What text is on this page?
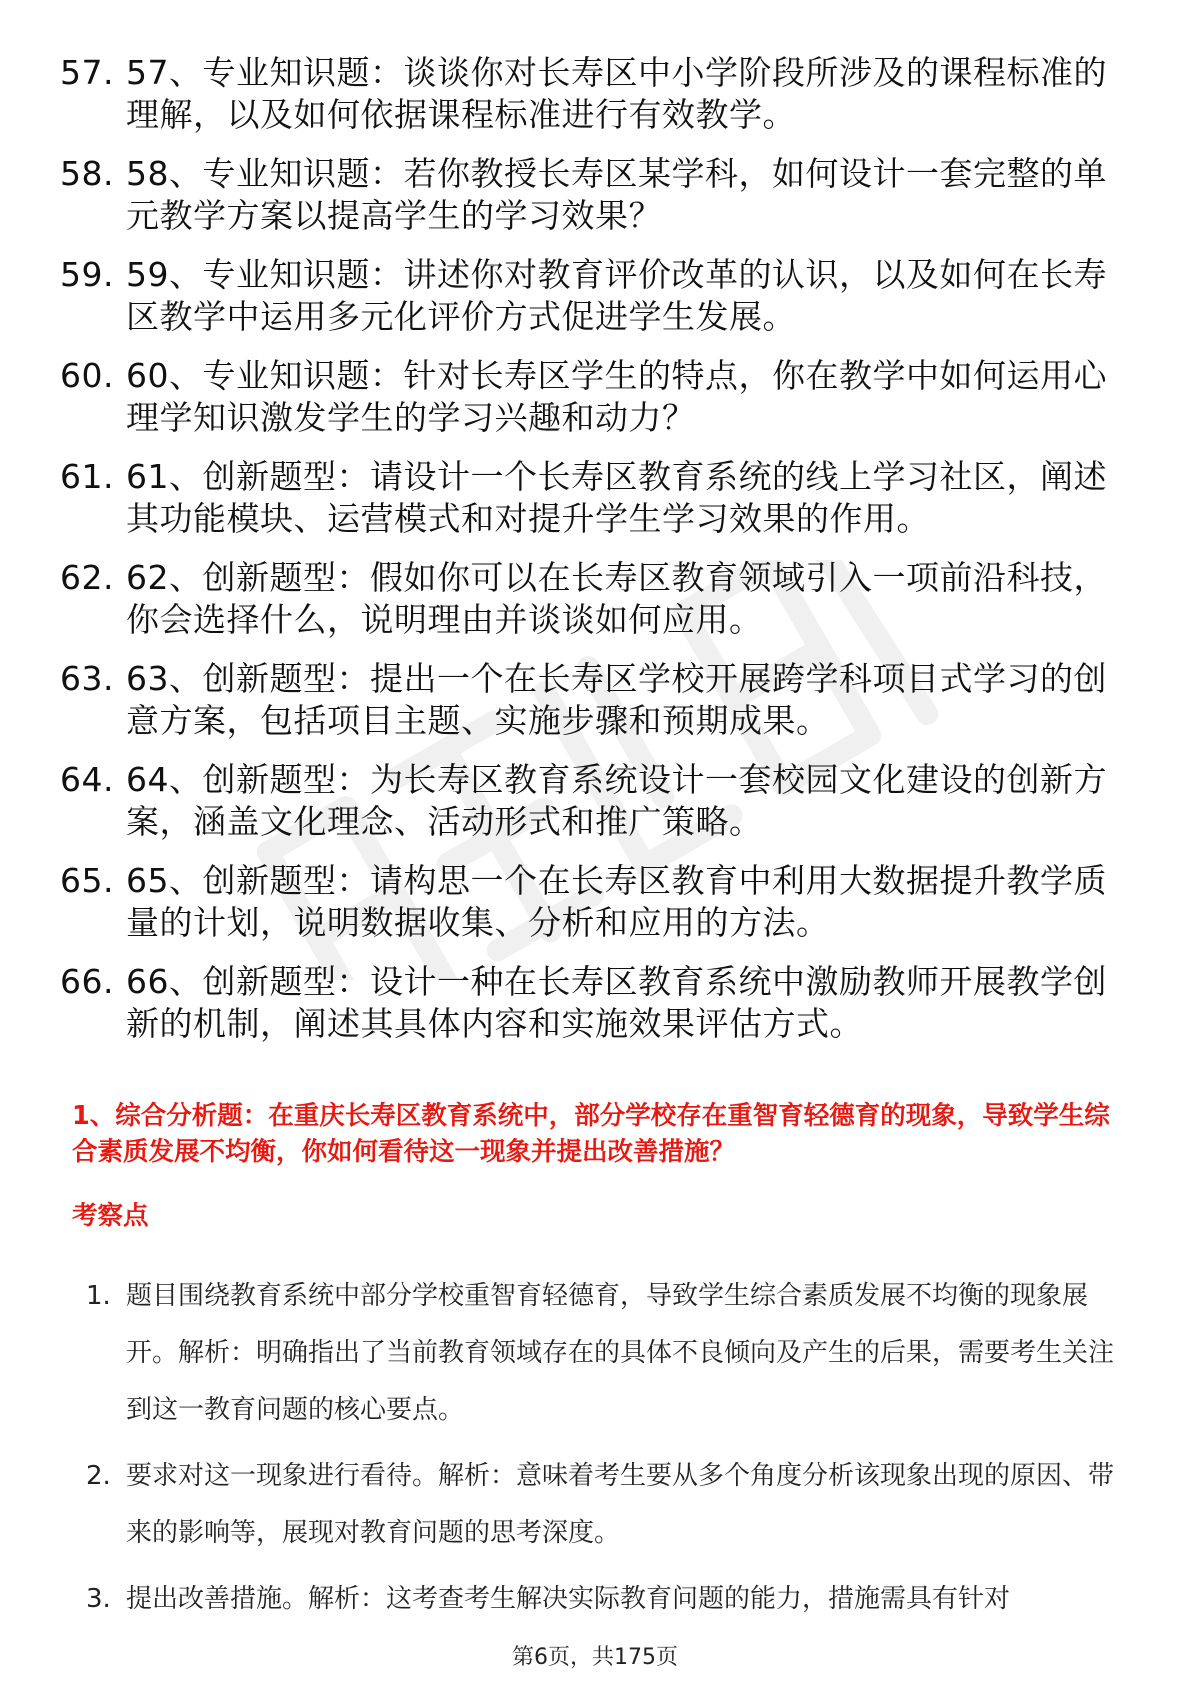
57. 57、专业知识题：谈谈你对长寿区中小学阶段所涉及的课程标准的理解，以及如何依据课程标准进行有效教学。
58. 58、专业知识题：若你教授长寿区某学科，如何设计一套完整的单元教学方案以提高学生的学习效果？
59. 59、专业知识题：讲述你对教育评价改革的认识，以及如何在长寿区教学中运用多元化评价方式促进学生发展。
60. 60、专业知识题：针对长寿区学生的特点，你在教学中如何运用心理学知识激发学生的学习兴趣和动力？
61. 61、创新题型：请设计一个长寿区教育系统的线上学习社区，阐述其功能模块、运营模式和对提升学生学习效果的作用。
62. 62、创新题型：假如你可以在长寿区教育领域引入一项前沿科技，你会选择什么，说明理由并谈谈如何应用。
63. 63、创新题型：提出一个在长寿区学校开展跨学科项目式学习的创意方案，包括项目主题、实施步骤和预期成果。
64. 64、创新题型：为长寿区教育系统设计一套校园文化建设的创新方案，涵盖文化理念、活动形式和推广策略。
65. 65、创新题型：请构思一个在长寿区教育中利用大数据提升教学质量的计划，说明数据收集、分析和应用的方法。
66. 66、创新题型：设计一种在长寿区教育系统中激励教师开展教学创新的机制，阐述其具体内容和实施效果评估方式。

1、综合分析题：在重庆长寿区教育系统中，部分学校存在重智育轻德育的现象，导致学生综合素质发展不均衡，你如何看待这一现象并提出改善措施？

考察点
1. 题目围绕教育系统中部分学校重智育轻德育，导致学生综合素质发展不均衡的现象展开。解析：明确指出了当前教育领域存在的具体不良倾向及产生的后果，需要考生关注到这一教育问题的核心要点。
2. 要求对这一现象进行看待。解析：意味着考生要从多个角度分析该现象出现的原因、带来的影响等，展现对教育问题的思考深度。
3. 提出改善措施。解析：这考查考生解决实际教育问题的能力，措施需具有针对
第6页，共175页
